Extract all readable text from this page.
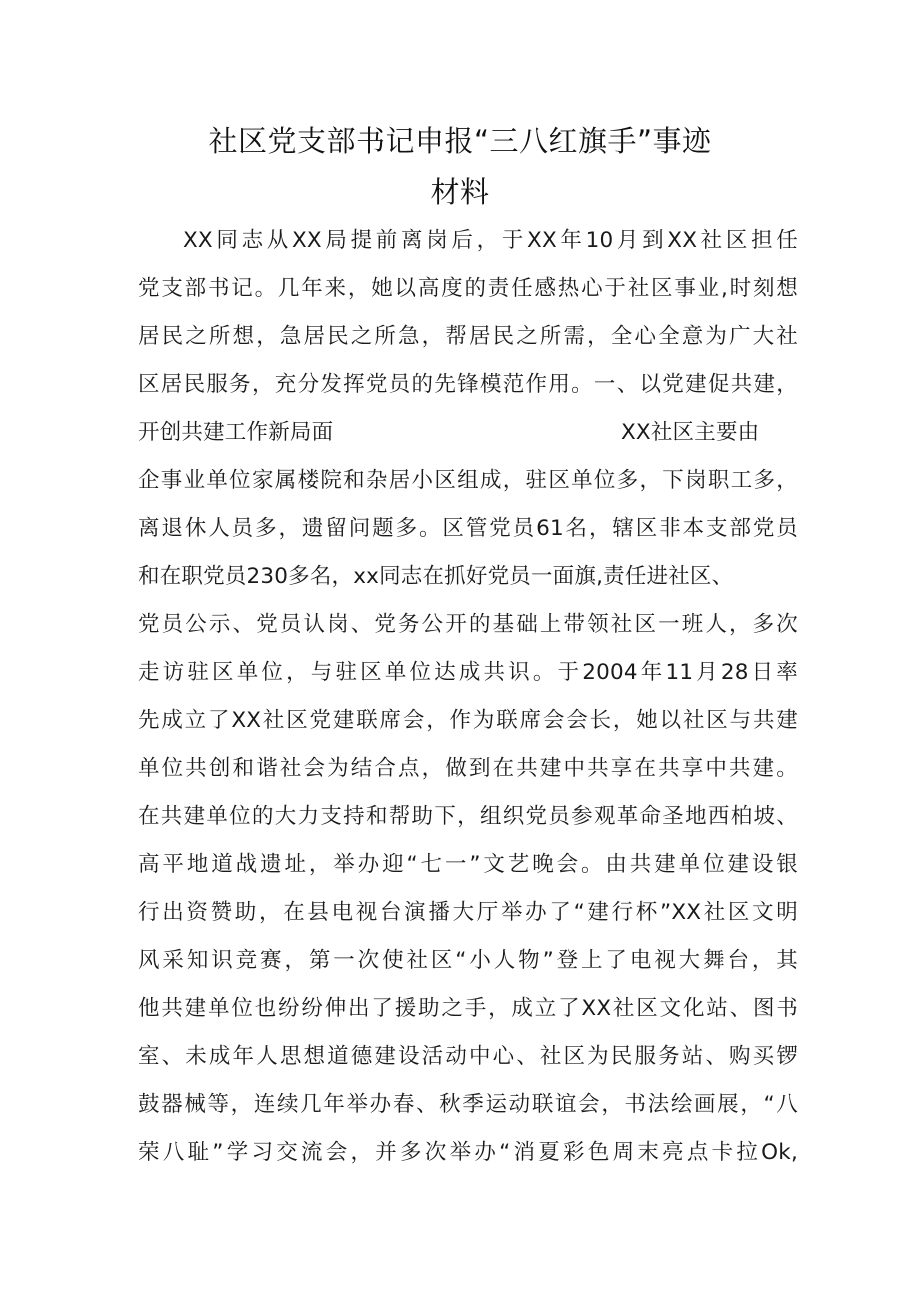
社区党支部书记申报“三八红旗手”事迹
材料
XX同志从XX局提前离岗后，于XX年10月到XX社区担任
党支部书记。几年来，她以高度的责任感热心于社区事业,时刻想
居民之所想，急居民之所急，帮居民之所需，全心全意为广大社
区居民服务，充分发挥党员的先锋模范作用。一、以党建促共建，
开创共建工作新局面	XX社区主要由
企事业单位家属楼院和杂居小区组成，驻区单位多，下岗职工多，
离退休人员多，遗留问题多。区管党员61名，辖区非本支部党员
和在职党员230多名，xx同志在抓好党员一面旗,责任进社区、
党员公示、党员认岗、党务公开的基础上带领社区一班人，多次
走访驻区单位，与驻区单位达成共识。于2004年11月28日率
先成立了XX社区党建联席会，作为联席会会长，她以社区与共建
单位共创和谐社会为结合点，做到在共建中共享在共享中共建。
在共建单位的大力支持和帮助下，组织党员参观革命圣地西柏坡、
高平地道战遗址，举办迎“七一”文艺晚会。由共建单位建设银
行出资赞助，在县电视台演播大厅举办了“建行杯”XX社区文明
风采知识竞赛，第一次使社区“小人物”登上了电视大舞台，其
他共建单位也纷纷伸出了援助之手，成立了XX社区文化站、图书
室、未成年人思想道德建设活动中心、社区为民服务站、购买锣
鼓器械等，连续几年举办春、秋季运动联谊会，书法绘画展，“八
荣八耻”学习交流会，并多次举办“消夏彩色周末亮点卡拉Ok,
